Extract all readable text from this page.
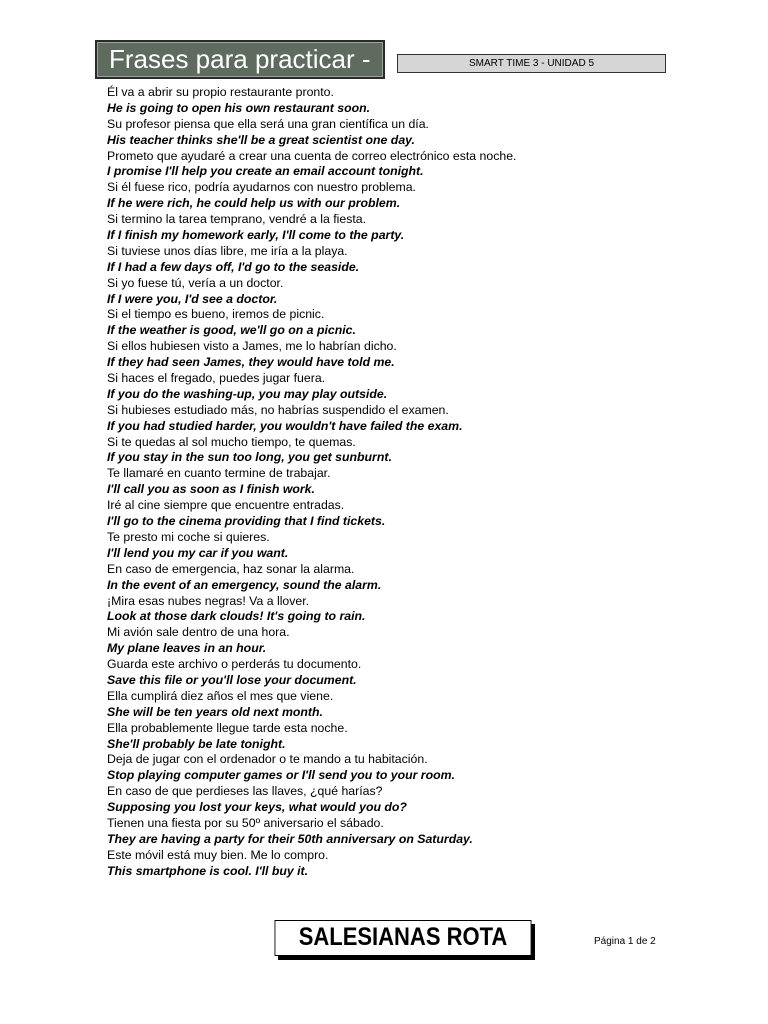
Frases para practicar -	SMART TIME 3 - UNIDAD 5
Él va a abrir su propio restaurante pronto.
He is going to open his own restaurant soon.
Su profesor piensa que ella será una gran científica un día.
His teacher thinks she'll be a great scientist one day.
Prometo que ayudaré a crear una cuenta de correo electrónico esta noche.
I promise I'll help you create an email account tonight.
Si él fuese rico, podría ayudarnos con nuestro problema.
If he were rich, he could help us with our problem.
Si termino la tarea temprano, vendré a la fiesta.
If I finish my homework early, I'll come to the party.
Si tuviese unos días libre, me iría a la playa.
If I had a few days off, I'd go to the seaside.
Si yo fuese tú, vería a un doctor.
If I were you, I'd see a doctor.
Si el tiempo es bueno, iremos de picnic.
If the weather is good, we'll go on a picnic.
Si ellos hubiesen visto a James, me lo habrían dicho.
If they had seen James, they would have told me.
Si haces el fregado, puedes jugar fuera.
If you do the washing-up, you may play outside.
Si hubieses estudiado más, no habrías suspendido el examen.
If you had studied harder, you wouldn't have failed the exam.
Si te quedas al sol mucho tiempo, te quemas.
If you stay in the sun too long, you get sunburnt.
Te llamaré en cuanto termine de trabajar.
I'll call you as soon as I finish work.
Iré al cine siempre que encuentre entradas.
I'll go to the cinema providing that I find tickets.
Te presto mi coche si quieres.
I'll lend you my car if you want.
En caso de emergencia, haz sonar la alarma.
In the event of an emergency, sound the alarm.
¡Mira esas nubes negras! Va a llover.
Look at those dark clouds! It's going to rain.
Mi avión sale dentro de una hora.
My plane leaves in an hour.
Guarda este archivo o perderás tu documento.
Save this file or you'll lose your document.
Ella cumplirá diez años el mes que viene.
She will be ten years old next month.
Ella probablemente llegue tarde esta noche.
She'll probably be late tonight.
Deja de jugar con el ordenador o te mando a tu habitación.
Stop playing computer games or I'll send you to your room.
En caso de que perdieses las llaves, ¿qué harías?
Supposing you lost your keys, what would you do?
Tienen una fiesta por su 50º aniversario el sábado.
They are having a party for their 50th anniversary on Saturday.
Este móvil está muy bien. Me lo compro.
This smartphone is cool. I'll buy it.
SALESIANAS ROTA	Página 1 de 2
